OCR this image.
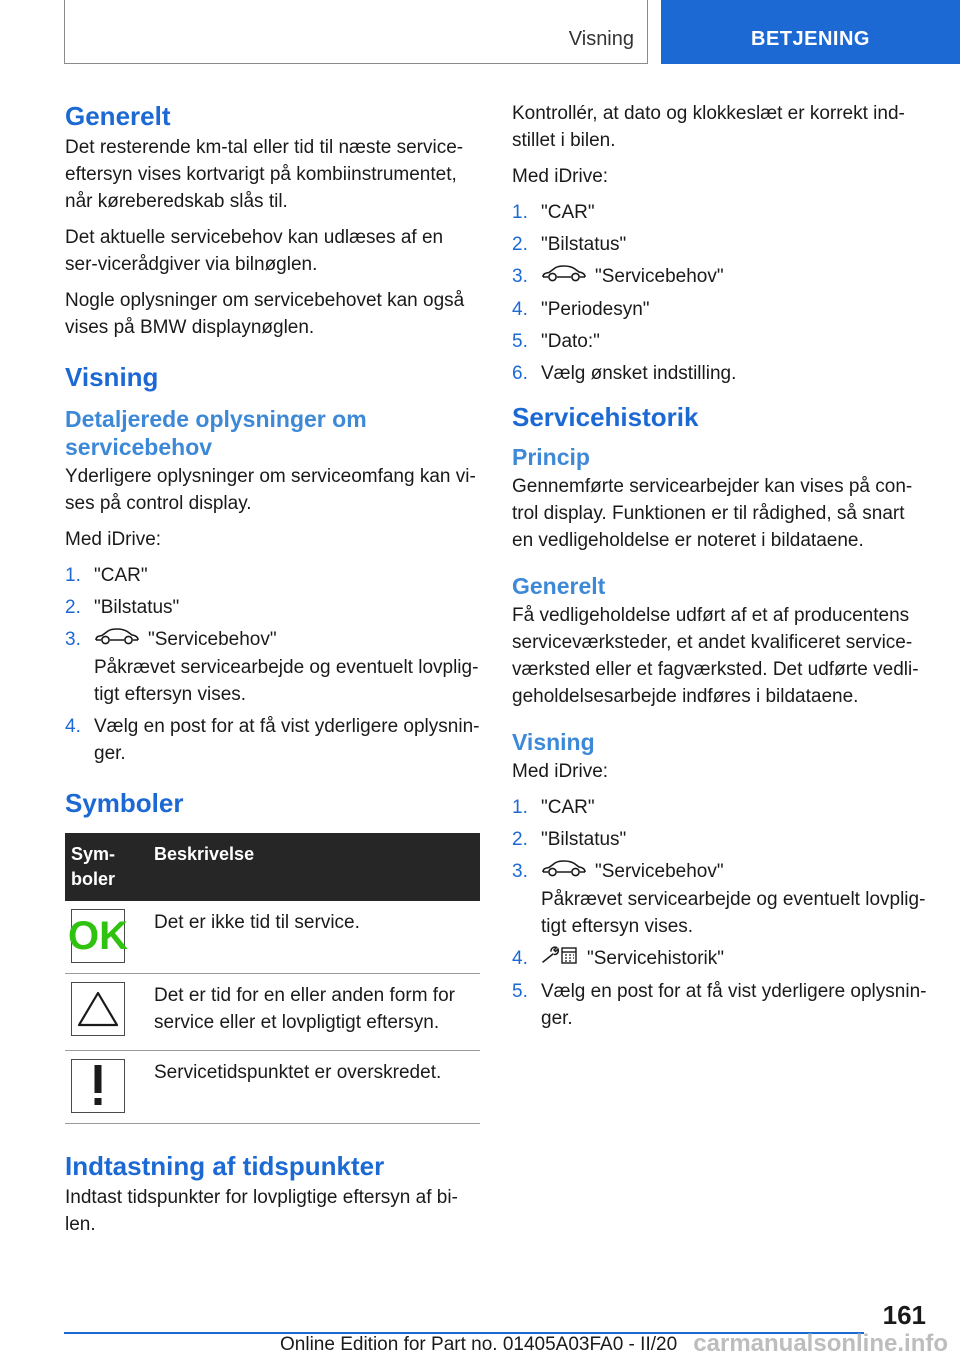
Visning	BETJENING
Generelt

Det resterende km-tal eller tid til næste service-eftersyn vises kortvarigt på kombiinstrumentet, når køreberedskab slås til.

Det aktuelle servicebehov kan udlæses af en ser-vicerådgiver via bilnøglen.

Nogle oplysninger om servicebehovet kan også vises på BMW displaynøglen.

Visning
Detaljerede oplysninger om servicebehov

Yderligere oplysninger om serviceomfang kan vi-ses på control display.

Med iDrive:

1. "CAR"
2. "Bilstatus"
3.	"Servicebehov"
Påkrævet servicearbejde og eventuelt lovplig-tigt eftersyn vises.
4. Vælg en post for at få vist yderligere oplysnin-ger.
Symboler
Sym-boler	Beskrivelse

OK	Det er ikke tid til service.

	Det er tid for en eller anden form for service eller et lovpligtigt eftersyn.

	Servicetidspunktet er overskredet.
Indtastning af tidspunkter

Indtast tidspunkter for lovpligtige eftersyn af bi-len.

Kontrollér, at dato og klokkeslæt er korrekt ind-stillet i bilen.

Med iDrive:

1. "CAR"
2. "Bilstatus"
3.	"Servicebehov"
4. "Periodesyn"
5. "Dato:"
6. Vælg ønsket indstilling.
Servicehistorik
Princip

Gennemførte servicearbejder kan vises på con-trol display. Funktionen er til rådighed, så snart en vedligeholdelse er noteret i bildataene.

Generelt

Få vedligeholdelse udført af et af producentens serviceværksteder, et andet kvalificeret service-værksted eller et fagværksted. Det udførte vedli-geholdelsesarbejde indføres i bildataene.

Visning

Med iDrive:

1. "CAR"
2. "Bilstatus"
3.	"Servicebehov"
Påkrævet servicearbejde og eventuelt lovplig-tigt eftersyn vises.
4.	"Servicehistorik"
5. Vælg en post for at få vist yderligere oplysnin-ger.
161
Online Edition for Part no. 01405A03FA0 - II/20 carmanualsonline.info
